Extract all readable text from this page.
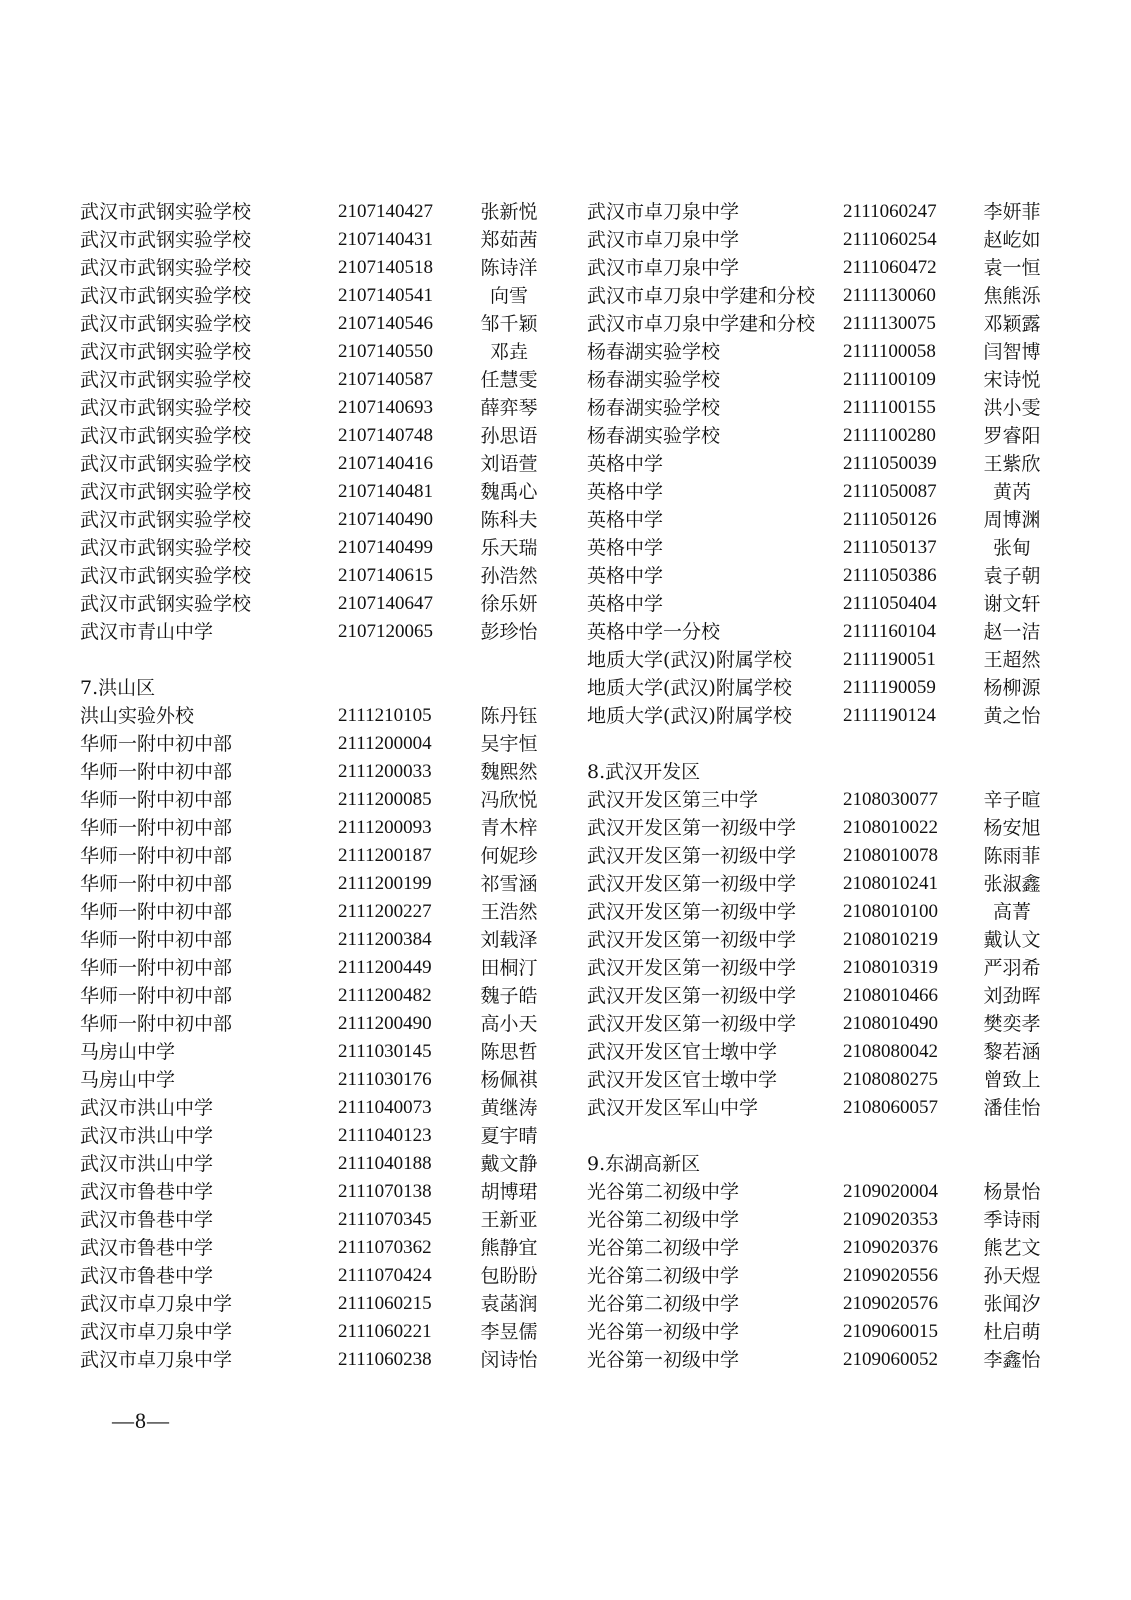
武汉市武钢实验学校	2107140427 张新悦
武汉市武钢实验学校	2107140431 郑茹茜
武汉市武钢实验学校	2107140518 陈诗洋
武汉市武钢实验学校	2107140541	向雪
武汉市武钢实验学校	2107140546 邹千颖
武汉市武钢实验学校	2107140550	邓垚
武汉市武钢实验学校	2107140587 任慧雯
武汉市武钢实验学校	2107140693 薛弈琴
武汉市武钢实验学校	2107140748 孙思语
武汉市武钢实验学校	2107140416 刘语萱
武汉市武钢实验学校	2107140481 魏禹心
武汉市武钢实验学校	2107140490 陈科夫
武汉市武钢实验学校	2107140499 乐天瑞
武汉市武钢实验学校	2107140615 孙浩然
武汉市武钢实验学校	2107140647 徐乐妍
武汉市青山中学	2107120065 彭珍怡
7.洪山区
洪山实验外校	2111210105	陈丹钰
华师一附中初中部	2111200004	吴宇恒
华师一附中初中部	2111200033	魏熙然
华师一附中初中部	2111200085	冯欣悦
华师一附中初中部	2111200093	青木梓
华师一附中初中部	2111200187	何妮珍
华师一附中初中部	2111200199	祁雪涵
华师一附中初中部	2111200227	王浩然
华师一附中初中部	2111200384	刘载泽
华师一附中初中部	2111200449	田桐汀
华师一附中初中部	2111200482	魏子皓
华师一附中初中部	2111200490	高小天
马房山中学	2111030145	陈思哲
马房山中学	2111030176	杨佩祺
武汉市洪山中学	2111040073	黄继涛
武汉市洪山中学	2111040123	夏宇晴
武汉市洪山中学	2111040188	戴文静
武汉市鲁巷中学	2111070138	胡博珺
武汉市鲁巷中学	2111070345	王新亚
武汉市鲁巷中学	2111070362	熊静宜
武汉市鲁巷中学	2111070424	包盼盼
武汉市卓刀泉中学	2111060215	袁菡润
武汉市卓刀泉中学	2111060221	李昱儒
武汉市卓刀泉中学	2111060238	闵诗怡
武汉市卓刀泉中学	2111060247 李妍菲
武汉市卓刀泉中学	2111060254 赵屹如
武汉市卓刀泉中学	2111060472 袁一恒
武汉市卓刀泉中学建和分校 2111130060	焦熊泺
武汉市卓刀泉中学建和分校 2111130075	邓颖露
杨春湖实验学校	2111100058	闫智博
杨春湖实验学校	2111100109	宋诗悦
杨春湖实验学校	2111100155	洪小雯
杨春湖实验学校	2111100280	罗睿阳
英格中学	2111050039 王紫欣
英格中学	2111050087	黄芮
英格中学	2111050126 周博渊
英格中学	2111050137	张甸
英格中学	2111050386 袁子朝
英格中学	2111050404 谢文轩
英格中学一分校	2111160104	赵一洁
地质大学(武汉)附属学校	2111190051	王超然
地质大学(武汉)附属学校	2111190059	杨柳源
地质大学(武汉)附属学校	2111190124	黄之怡
8.武汉开发区
武汉开发区第三中学	2108030077 辛子暄
武汉开发区第一初级中学 2108010022 杨安旭
武汉开发区第一初级中学 2108010078 陈雨菲
武汉开发区第一初级中学 2108010241 张淑鑫
武汉开发区第一初级中学 2108010100	高菁
武汉开发区第一初级中学 2108010219 戴认文
武汉开发区第一初级中学 2108010319 严羽希
武汉开发区第一初级中学 2108010466 刘劲晖
武汉开发区第一初级中学 2108010490 樊奕孝
武汉开发区官士墩中学	2108080042 黎若涵
武汉开发区官士墩中学	2108080275 曾致上
武汉开发区军山中学	2108060057 潘佳怡
9.东湖高新区
光谷第二初级中学	2109020004 杨景怡
光谷第二初级中学	2109020353 季诗雨
光谷第二初级中学	2109020376 熊艺文
光谷第二初级中学	2109020556 孙天煜
光谷第二初级中学	2109020576 张闻汐
光谷第一初级中学	2109060015 杜启萌
光谷第一初级中学	2109060052 李鑫怡
—8—
